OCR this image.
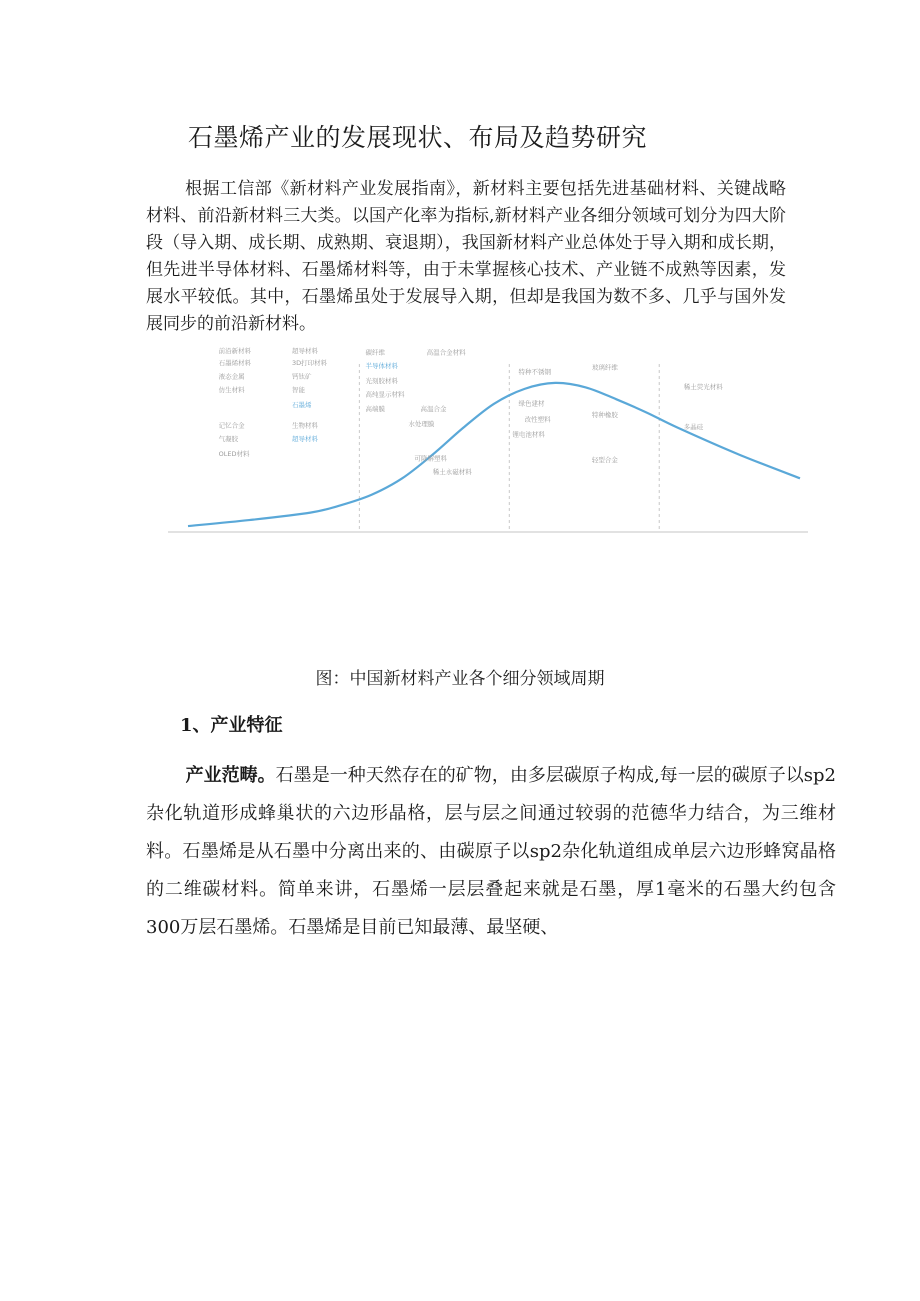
石墨烯产业的发展现状、布局及趋势研究

根据工信部《新材料产业发展指南》，新材料主要包括先进基础材料、关键战略材料、前沿新材料三大类。以国产化率为指标,新材料产业各细分领域可划分为四大阶段（导入期、成长期、成熟期、衰退期），我国新材料产业总体处于导入期和成长期，但先进半导体材料、石墨烯材料等，由于未掌握核心技术、产业链不成熟等因素，发展水平较低。其中，石墨烯虽处于发展导入期，但却是我国为数不多、几乎与国外发展同步的前沿新材料。

前沿新材料	超导材料
石墨烯材料	3D打印材料
液态金属	钙钛矿
仿生材料	智能
石墨烯
记忆合金	生物材料
气凝胶	超导材料
OLED材料
碳纤维	高温合金材料
半导体材料
光刻胶材料
高纯显示材料
高端膜	高温合金
水处理膜
可降解塑料
稀土永磁材料
特种不锈钢
玻璃纤维
绿色建材
特种橡胶
改性塑料
锂电池材料
轻型合金
稀土荧光材料
多晶硅
图：中国新材料产业各个细分领域周期
1、产业特征

产业范畴。石墨是一种天然存在的矿物，由多层碳原子构成,每一层的碳原子以sp2杂化轨道形成蜂巢状的六边形晶格，层与层之间通过较弱的范德华力结合，为三维材料。石墨烯是从石墨中分离出来的、由碳原子以sp2杂化轨道组成单层六边形蜂窝晶格的二维碳材料。简单来讲，石墨烯一层层叠起来就是石墨，厚1毫米的石墨大约包含300万层石墨烯。石墨烯是目前已知最薄、最坚硬、
